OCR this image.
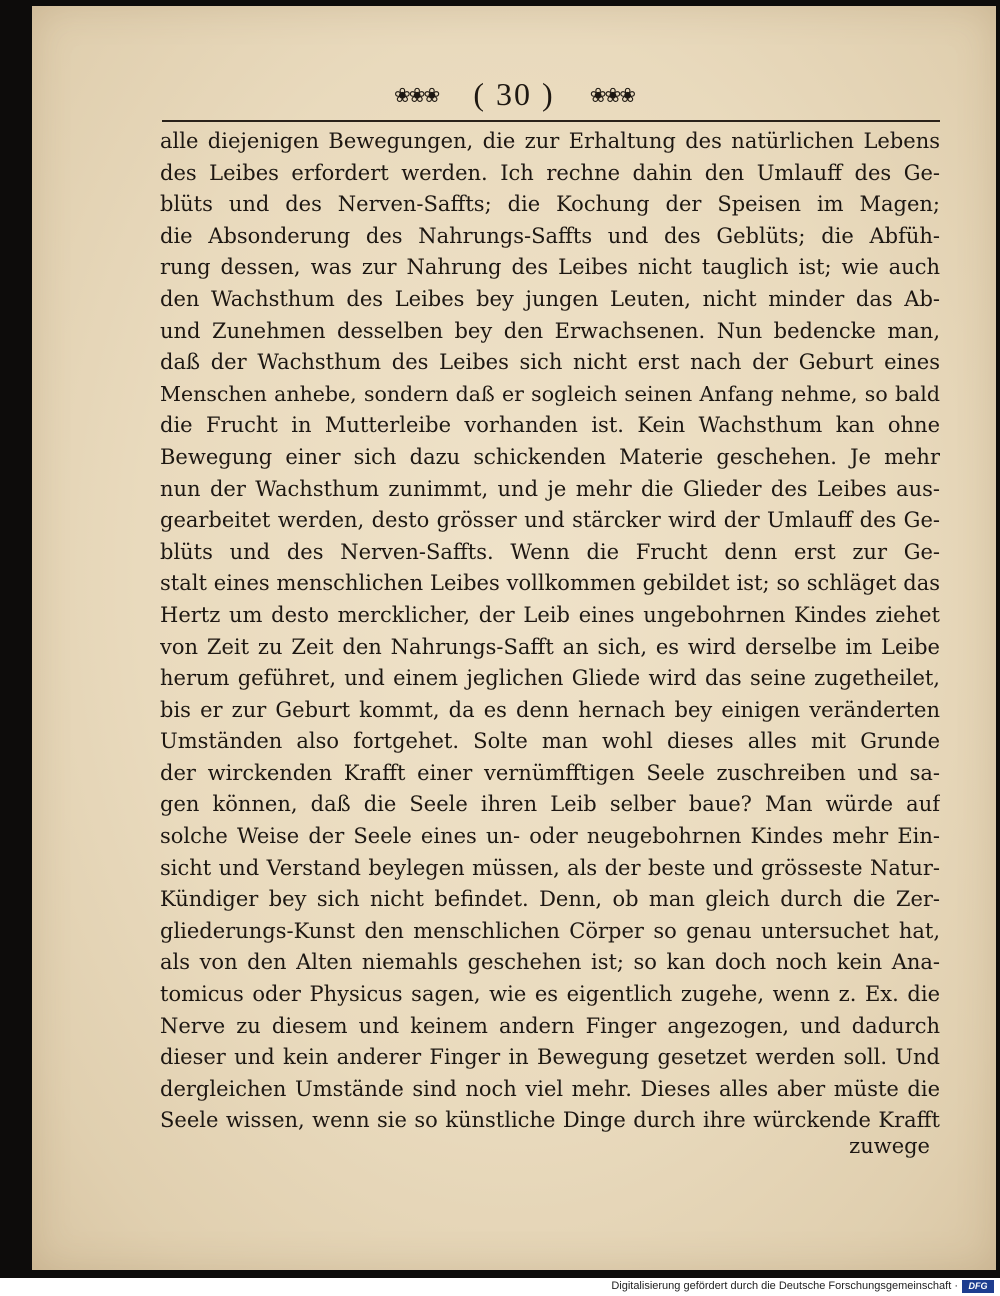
❀❀❀ ( 30 ) ❀❀❀
alle diejenigen Bewegungen, die zur Erhaltung des natürlichen Lebens
des Leibes erfordert werden. Ich rechne dahin den Umlauff des Ge-
blüts und des Nerven-Saffts; die Kochung der Speisen im Magen;
die Absonderung des Nahrungs-Saffts und des Geblüts; die Abfüh-
rung dessen, was zur Nahrung des Leibes nicht tauglich ist; wie auch
den Wachsthum des Leibes bey jungen Leuten, nicht minder das Ab-
und Zunehmen desselben bey den Erwachsenen. Nun bedencke man,
daß der Wachsthum des Leibes sich nicht erst nach der Geburt eines
Menschen anhebe, sondern daß er sogleich seinen Anfang nehme, so bald
die Frucht in Mutterleibe vorhanden ist. Kein Wachsthum kan ohne
Bewegung einer sich dazu schickenden Materie geschehen. Je mehr
nun der Wachsthum zunimmt, und je mehr die Glieder des Leibes aus-
gearbeitet werden, desto grösser und stärcker wird der Umlauff des Ge-
blüts und des Nerven-Saffts. Wenn die Frucht denn erst zur Ge-
stalt eines menschlichen Leibes vollkommen gebildet ist; so schläget das
Hertz um desto mercklicher, der Leib eines ungebohrnen Kindes ziehet
von Zeit zu Zeit den Nahrungs-Safft an sich, es wird derselbe im Leibe
herum geführet, und einem jeglichen Gliede wird das seine zugetheilet,
bis er zur Geburt kommt, da es denn hernach bey einigen veränderten
Umständen also fortgehet. Solte man wohl dieses alles mit Grunde
der wirckenden Krafft einer vernümfftigen Seele zuschreiben und sa-
gen können, daß die Seele ihren Leib selber baue? Man würde auf
solche Weise der Seele eines un- oder neugebohrnen Kindes mehr Ein-
sicht und Verstand beylegen müssen, als der beste und grösseste Natur-
Kündiger bey sich nicht befindet. Denn, ob man gleich durch die Zer-
gliederungs-Kunst den menschlichen Cörper so genau untersuchet hat,
als von den Alten niemahls geschehen ist; so kan doch noch kein Ana-
tomicus oder Physicus sagen, wie es eigentlich zugehe, wenn z. Ex. die
Nerve zu diesem und keinem andern Finger angezogen, und dadurch
dieser und kein anderer Finger in Bewegung gesetzet werden soll. Und
dergleichen Umstände sind noch viel mehr. Dieses alles aber müste die
Seele wissen, wenn sie so künstliche Dinge durch ihre würckende Krafft
zuwege
Digitalisierung gefördert durch die Deutsche Forschungsgemeinschaft ·	DFG
